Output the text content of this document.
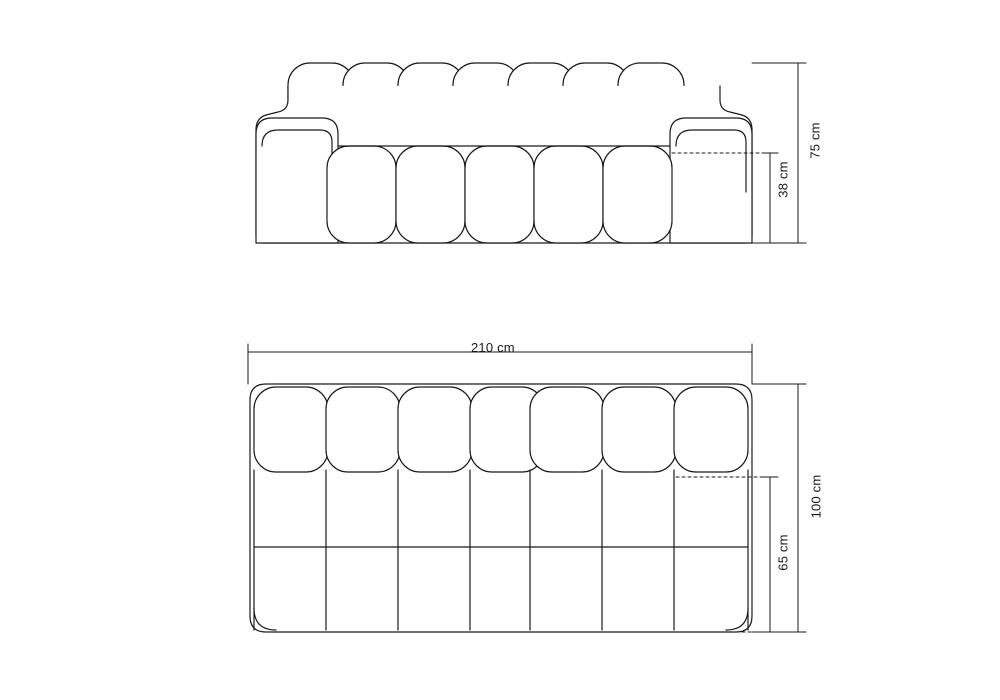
75 cm
38 cm
210 cm
100 cm
65 cm
